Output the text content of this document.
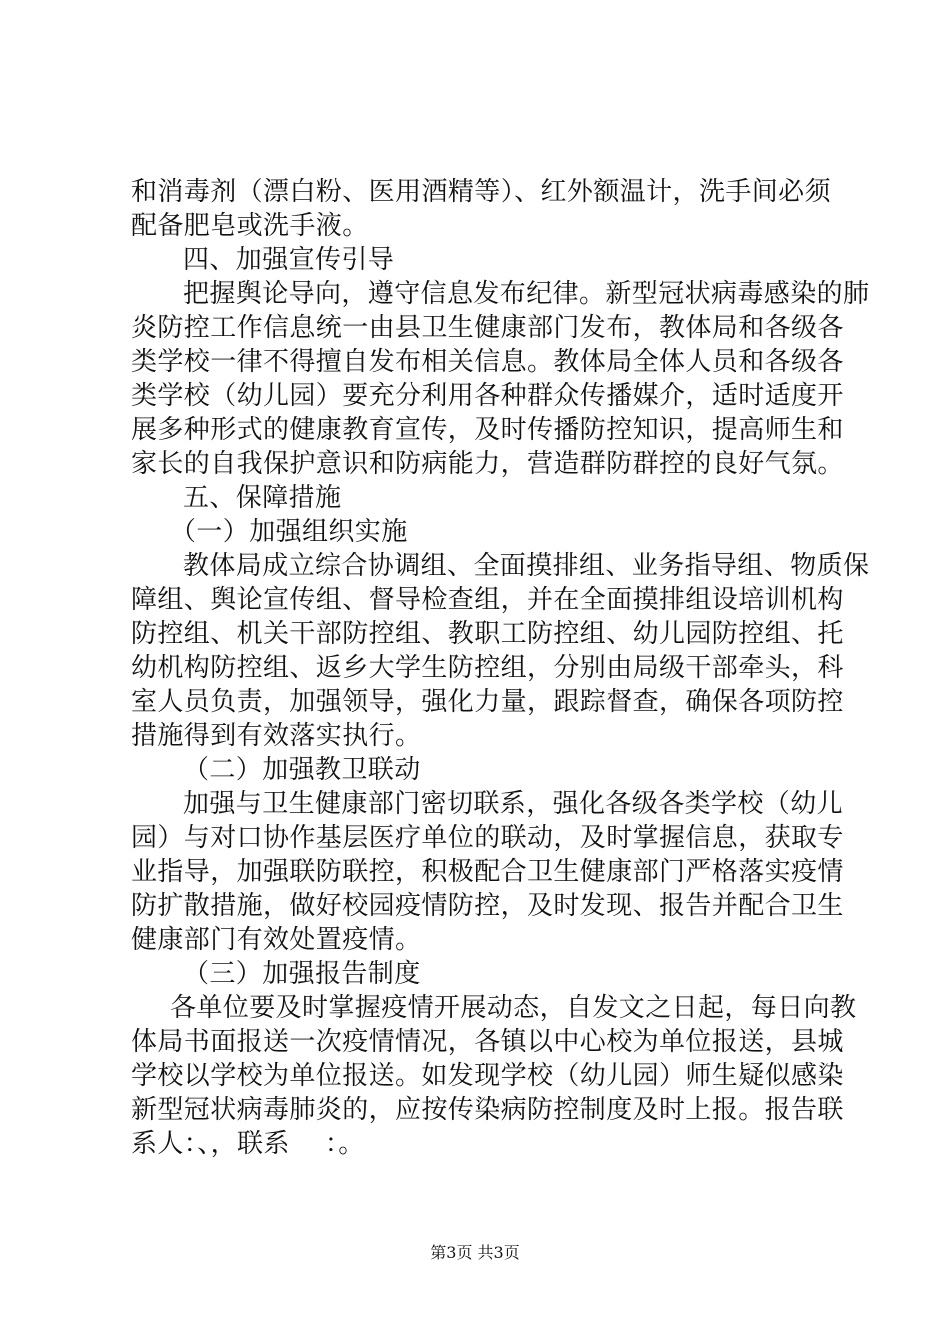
和消毒剂（漂白粉、医用酒精等）、红外额温计，洗手间必须
配备肥皂或洗手液。
四、加强宣传引导
把握舆论导向，遵守信息发布纪律。新型冠状病毒感染的肺
炎防控工作信息统一由县卫生健康部门发布，教体局和各级各
类学校一律不得擅自发布相关信息。教体局全体人员和各级各
类学校（幼儿园）要充分利用各种群众传播媒介，适时适度开
展多种形式的健康教育宣传，及时传播防控知识，提高师生和
家长的自我保护意识和防病能力，营造群防群控的良好气氛。
五、保障措施
（一）加强组织实施
教体局成立综合协调组、全面摸排组、业务指导组、物质保
障组、舆论宣传组、督导检查组，并在全面摸排组设培训机构
防控组、机关干部防控组、教职工防控组、幼儿园防控组、托
幼机构防控组、返乡大学生防控组，分别由局级干部牵头，科
室人员负责，加强领导，强化力量，跟踪督查，确保各项防控
措施得到有效落实执行。
（二）加强教卫联动
加强与卫生健康部门密切联系，强化各级各类学校（幼儿
园）与对口协作基层医疗单位的联动，及时掌握信息，获取专
业指导，加强联防联控，积极配合卫生健康部门严格落实疫情
防扩散措施，做好校园疫情防控，及时发现、报告并配合卫生
健康部门有效处置疫情。
（三）加强报告制度
各单位要及时掌握疫情开展动态，自发文之日起，每日向教
体局书面报送一次疫情情况，各镇以中心校为单位报送，县城
学校以学校为单位报送。如发现学校（幼儿园）师生疑似感染
新型冠状病毒肺炎的，应按传染病防控制度及时上报。报告联
系人：、，联系　 ：。
第3页 共3页
